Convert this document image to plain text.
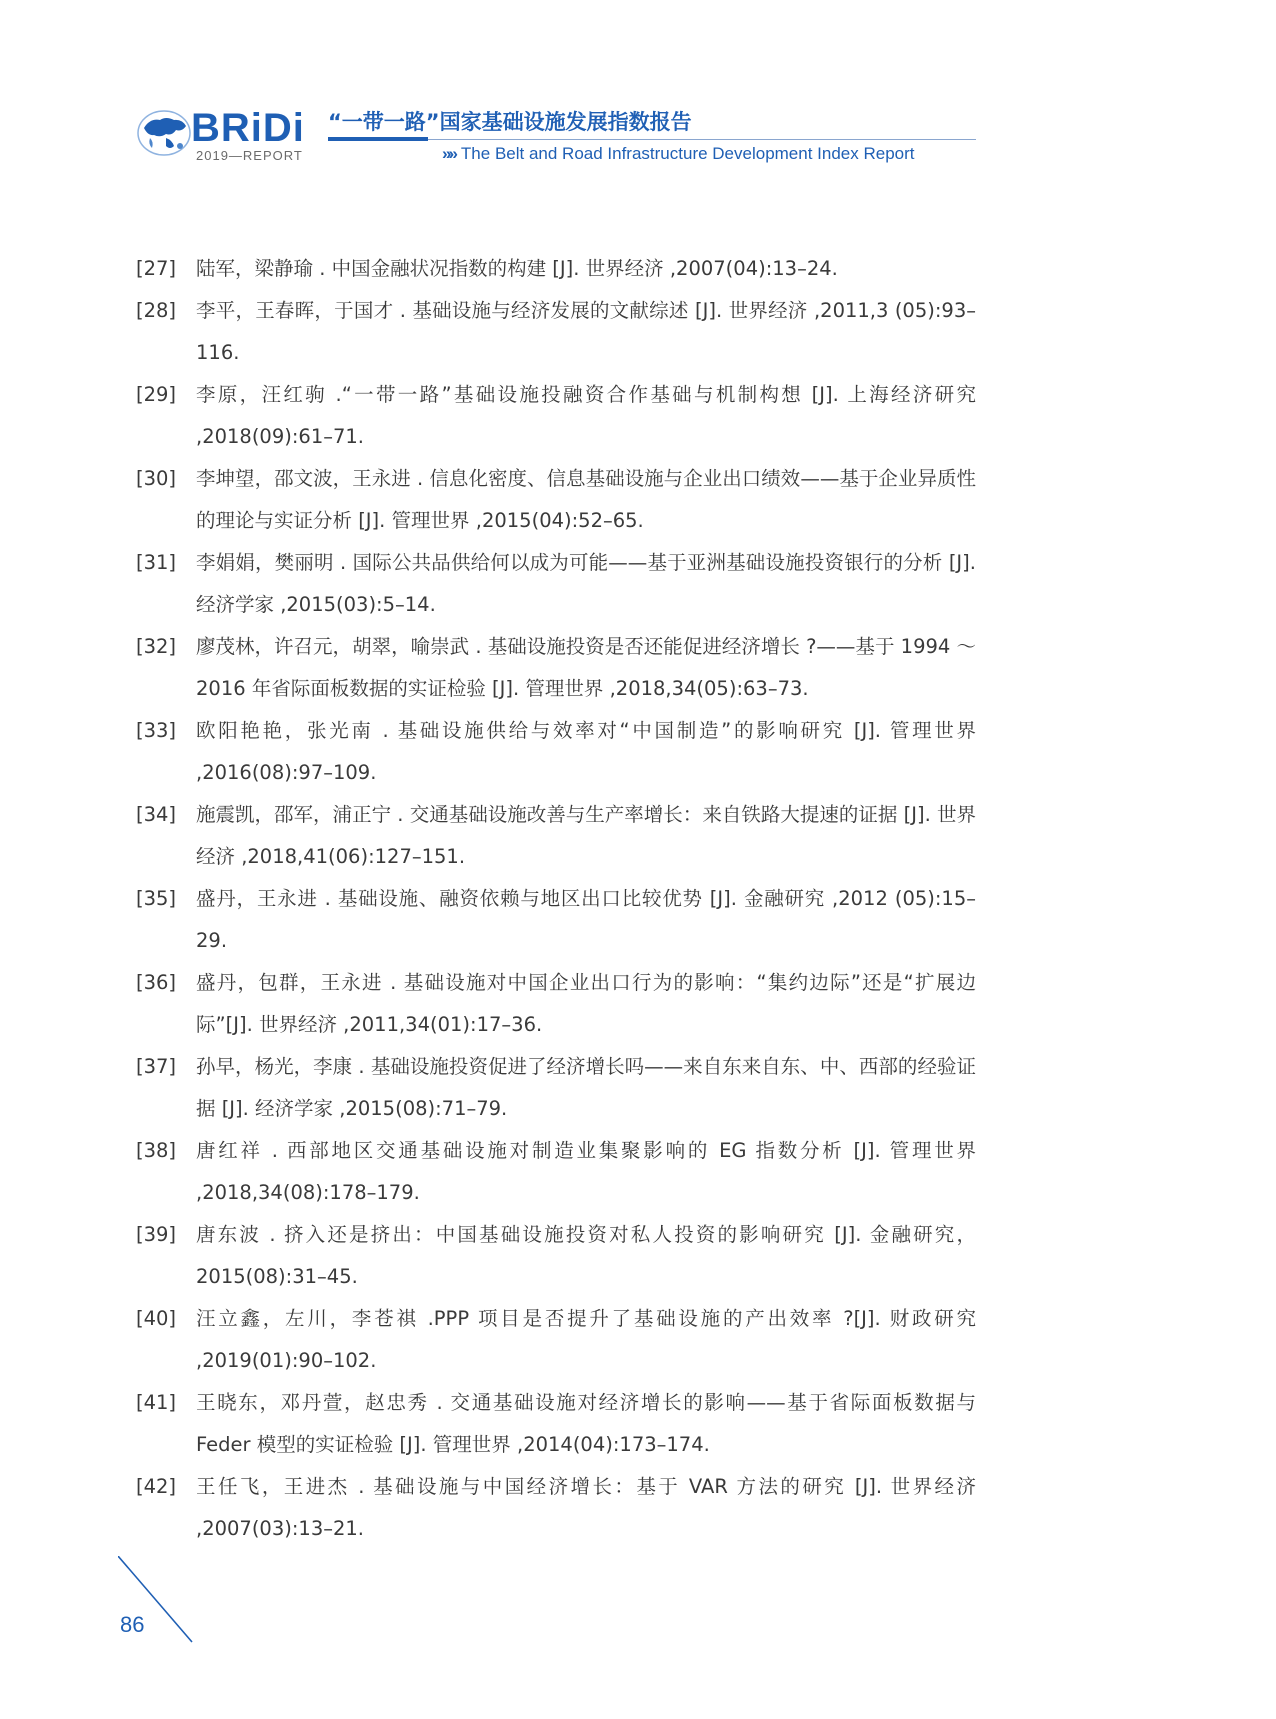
BRiDi
2019—REPORT
“一带一路”国家基础设施发展指数报告
»» The Belt and Road Infrastructure Development Index Report
[27] 陆军，梁静瑜 . 中国金融状况指数的构建 [J]. 世界经济 ,2007(04):13–24.
[28] 李平，王春晖，于国才 . 基础设施与经济发展的文献综述 [J]. 世界经济 ,2011,3 (05):93–116.
[29] 李原，汪红驹 .“一带一路”基础设施投融资合作基础与机制构想 [J]. 上海经济研究 ,2018(09):61–71.
[30] 李坤望，邵文波，王永进 . 信息化密度、信息基础设施与企业出口绩效——基于企业异质性的理论与实证分析 [J]. 管理世界 ,2015(04):52–65.
[31] 李娟娟，樊丽明 . 国际公共品供给何以成为可能——基于亚洲基础设施投资银行的分析 [J]. 经济学家 ,2015(03):5–14.
[32] 廖茂林，许召元，胡翠，喻崇武 . 基础设施投资是否还能促进经济增长 ?——基于 1994 ～ 2016 年省际面板数据的实证检验 [J]. 管理世界 ,2018,34(05):63–73.
[33] 欧阳艳艳，张光南 . 基础设施供给与效率对“中国制造”的影响研究 [J]. 管理世界 ,2016(08):97–109.
[34] 施震凯，邵军，浦正宁 . 交通基础设施改善与生产率增长：来自铁路大提速的证据 [J]. 世界经济 ,2018,41(06):127–151.
[35] 盛丹，王永进 . 基础设施、融资依赖与地区出口比较优势 [J]. 金融研究 ,2012 (05):15–29.
[36] 盛丹，包群，王永进 . 基础设施对中国企业出口行为的影响：“集约边际”还是“扩展边际”[J]. 世界经济 ,2011,34(01):17–36.
[37] 孙早，杨光，李康 . 基础设施投资促进了经济增长吗——来自东来自东、中、西部的经验证据 [J]. 经济学家 ,2015(08):71–79.
[38] 唐红祥 . 西部地区交通基础设施对制造业集聚影响的 EG 指数分析 [J]. 管理世界 ,2018,34(08):178–179.
[39] 唐东波 . 挤入还是挤出：中国基础设施投资对私人投资的影响研究 [J]. 金融研究，2015(08):31–45.
[40] 汪立鑫，左川，李苍祺 .PPP 项目是否提升了基础设施的产出效率 ?[J]. 财政研究 ,2019(01):90–102.
[41] 王晓东，邓丹萱，赵忠秀 . 交通基础设施对经济增长的影响——基于省际面板数据与 Feder 模型的实证检验 [J]. 管理世界 ,2014(04):173–174.
[42] 王任飞，王进杰 . 基础设施与中国经济增长：基于 VAR 方法的研究 [J]. 世界经济 ,2007(03):13–21.
86
